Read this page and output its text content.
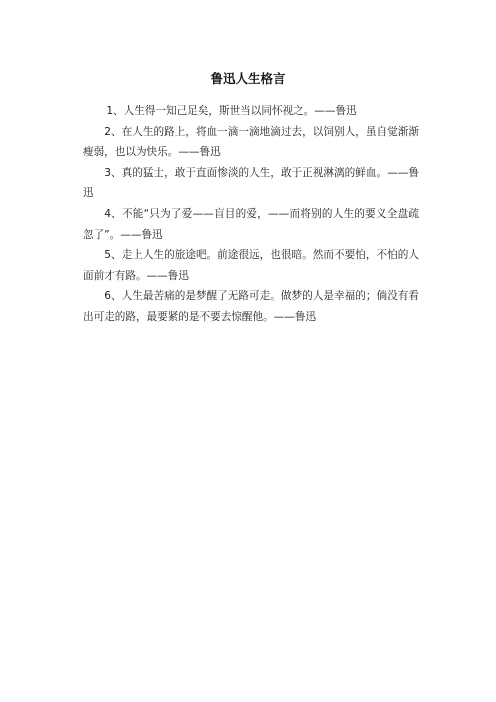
鲁迅人生格言

1、人生得一知己足矣，斯世当以同怀视之。——鲁迅

2、在人生的路上，将血一滴一滴地滴过去，以饲别人，虽自觉渐渐瘦弱，也以为快乐。——鲁迅

3、真的猛士，敢于直面惨淡的人生，敢于正视淋漓的鲜血。——鲁迅

4、不能“只为了爱——盲目的爱，——而将别的人生的要义全盘疏忽了”。——鲁迅

5、走上人生的旅途吧。前途很远，也很暗。然而不要怕，不怕的人面前才有路。——鲁迅

6、人生最苦痛的是梦醒了无路可走。做梦的人是幸福的；倘没有看出可走的路，最要紧的是不要去惊醒他。——鲁迅
